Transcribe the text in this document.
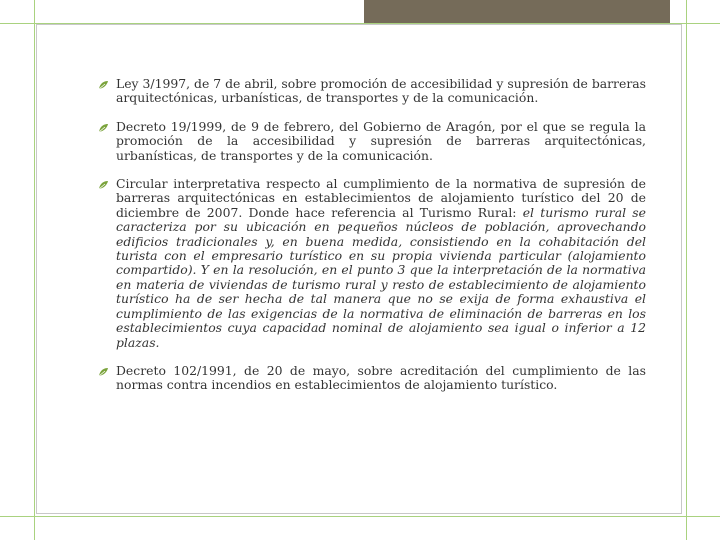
Ley 3/1997, de 7 de abril, sobre promoción de accesibilidad y supresión de barreras arquitectónicas, urbanísticas, de transportes y de la comunicación.
Decreto 19/1999, de 9 de febrero, del Gobierno de Aragón, por el que se regula la promoción de la accesibilidad y supresión de barreras arquitectónicas, urbanísticas, de transportes y de la comunicación.
Circular interpretativa respecto al cumplimiento de la normativa de supresión de barreras arquitectónicas en establecimientos de alojamiento turístico del 20 de diciembre de 2007. Donde hace referencia al Turismo Rural: el turismo rural se caracteriza por su ubicación en pequeños núcleos de población, aprovechando edificios tradicionales y, en buena medida, consistiendo en la cohabitación del turista con el empresario turístico en su propia vivienda particular (alojamiento compartido). Y en la resolución, en el punto 3 que la interpretación de la normativa en materia de viviendas de turismo rural y resto de establecimiento de alojamiento turístico ha de ser hecha de tal manera que no se exija de forma exhaustiva el cumplimiento de las exigencias de la normativa de eliminación de barreras en los establecimientos cuya capacidad nominal de alojamiento sea igual o inferior a 12 plazas.
Decreto 102/1991, de 20 de mayo, sobre acreditación del cumplimiento de las normas contra incendios en establecimientos de alojamiento turístico.
